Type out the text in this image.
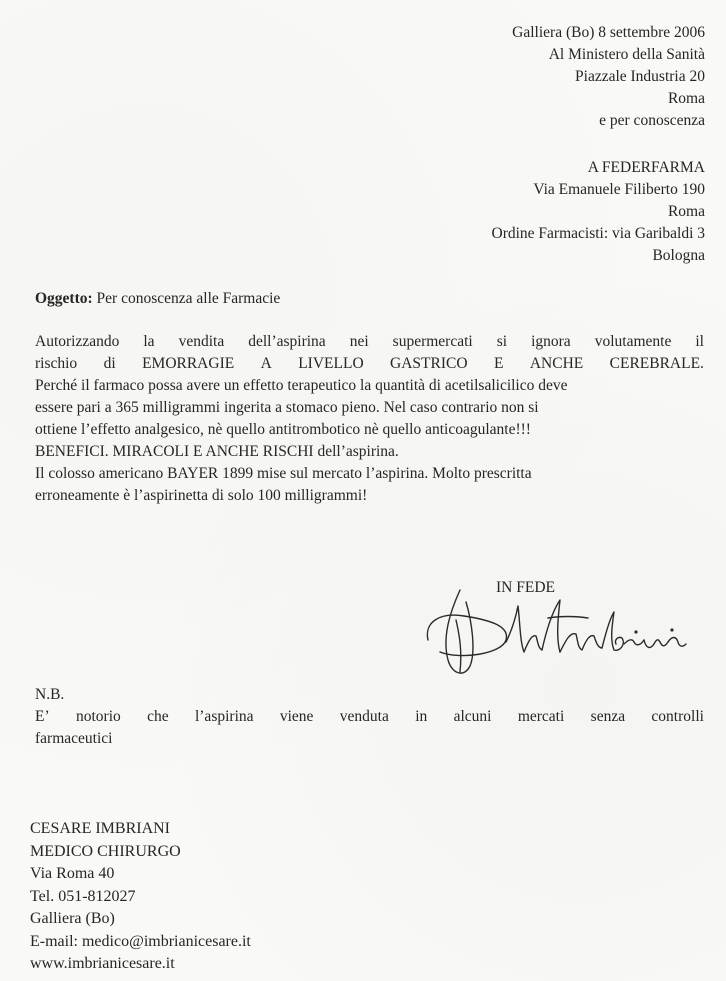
Galliera (Bo) 8 settembre 2006
Al Ministero della Sanità
Piazzale Industria 20
Roma
e per conoscenza
A FEDERFARMA
Via Emanuele Filiberto 190
Roma
Ordine Farmacisti: via Garibaldi 3
Bologna
Oggetto: Per conoscenza alle Farmacie
Autorizzando la vendita dell’aspirina nei supermercati si ignora volutamente il
rischio di EMORRAGIE A LIVELLO GASTRICO E ANCHE CEREBRALE.
Perché il farmaco possa avere un effetto terapeutico la quantità di acetilsalicilico deve
essere pari a 365 milligrammi ingerita a stomaco pieno. Nel caso contrario non si
ottiene l’effetto analgesico, nè quello antitrombotico nè quello anticoagulante!!!
BENEFICI. MIRACOLI E ANCHE RISCHI dell’aspirina.
Il colosso americano BAYER 1899 mise sul mercato l’aspirina. Molto prescritta
erroneamente è l’aspirinetta di solo 100 milligrammi!
IN FEDE
N.B.
E’ notorio che l’aspirina viene venduta in alcuni mercati senza controlli
farmaceutici
CESARE IMBRIANI
MEDICO CHIRURGO
Via Roma 40
Tel. 051-812027
Galliera (Bo)
E-mail: medico@imbrianicesare.it
www.imbrianicesare.it
